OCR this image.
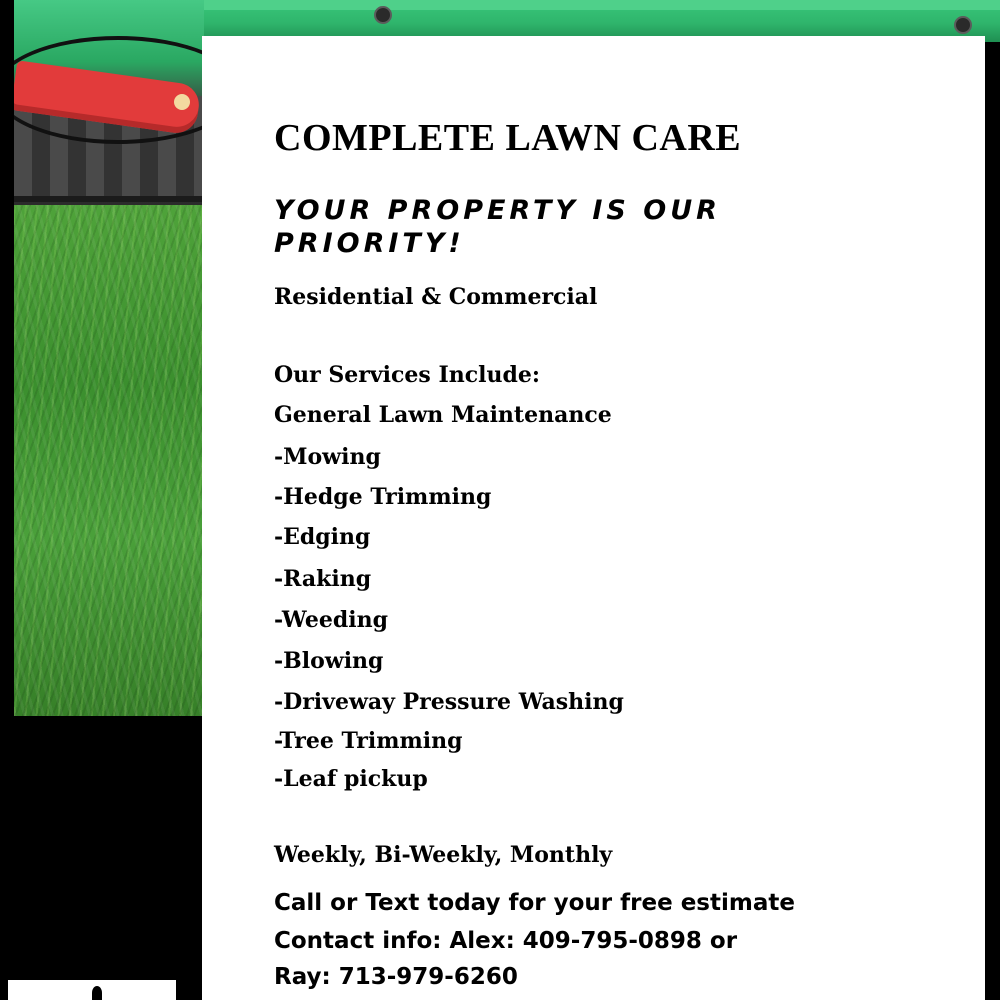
COMPLETE LAWN CARE
YOUR PROPERTY IS OUR PRIORITY!
Residential & Commercial
Our Services Include:
General Lawn Maintenance
-Mowing
-Hedge Trimming
-Edging
-Raking
-Weeding
-Blowing
-Driveway Pressure Washing
-Tree Trimming
-Leaf pickup
Weekly, Bi-Weekly, Monthly
Call or Text today for your free estimate
Contact info: Alex: 409-795-0898 or
Ray: 713-979-6260
